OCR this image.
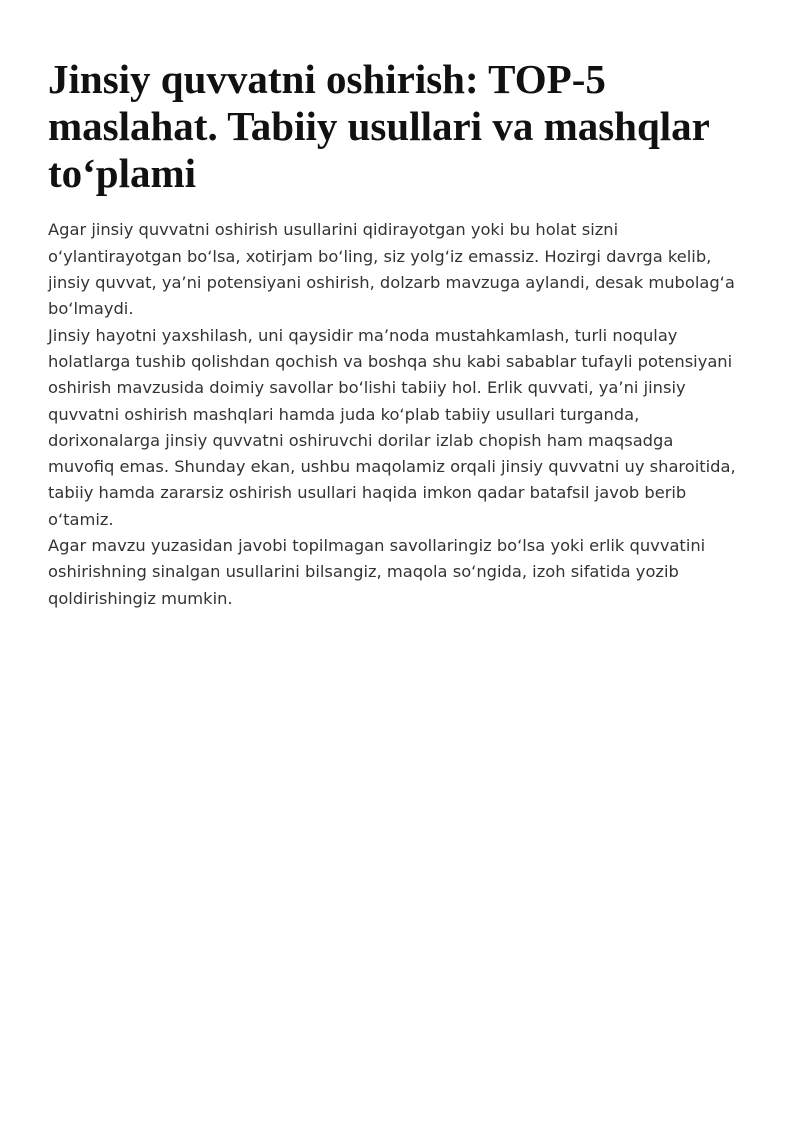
Jinsiy quvvatni oshirish: TOP-5 maslahat. Tabiiy usullari va mashqlar to‘plami

Agar jinsiy quvvatni oshirish usullarini qidirayotgan yoki bu holat sizni o‘ylantirayotgan bo‘lsa, xotirjam bo‘ling, siz yolg‘iz emassiz. Hozirgi davrga kelib, jinsiy quvvat, ya’ni potensiyani oshirish, dolzarb mavzuga aylandi, desak mubolag‘a bo‘lmaydi.

Jinsiy hayotni yaxshilash, uni qaysidir ma’noda mustahkamlash, turli noqulay holatlarga tushib qolishdan qochish va boshqa shu kabi sabablar tufayli potensiyani oshirish mavzusida doimiy savollar bo‘lishi tabiiy hol. Erlik quvvati, ya’ni jinsiy quvvatni oshirish mashqlari hamda juda ko‘plab tabiiy usullari turganda, dorixonalarga jinsiy quvvatni oshiruvchi dorilar izlab chopish ham maqsadga muvofiq emas. Shunday ekan, ushbu maqolamiz orqali jinsiy quvvatni uy sharoitida, tabiiy hamda zararsiz oshirish usullari haqida imkon qadar batafsil javob berib o‘tamiz.

Agar mavzu yuzasidan javobi topilmagan savollaringiz bo‘lsa yoki erlik quvvatini oshirishning sinalgan usullarini bilsangiz, maqola so‘ngida, izoh sifatida yozib qoldirishingiz mumkin.
